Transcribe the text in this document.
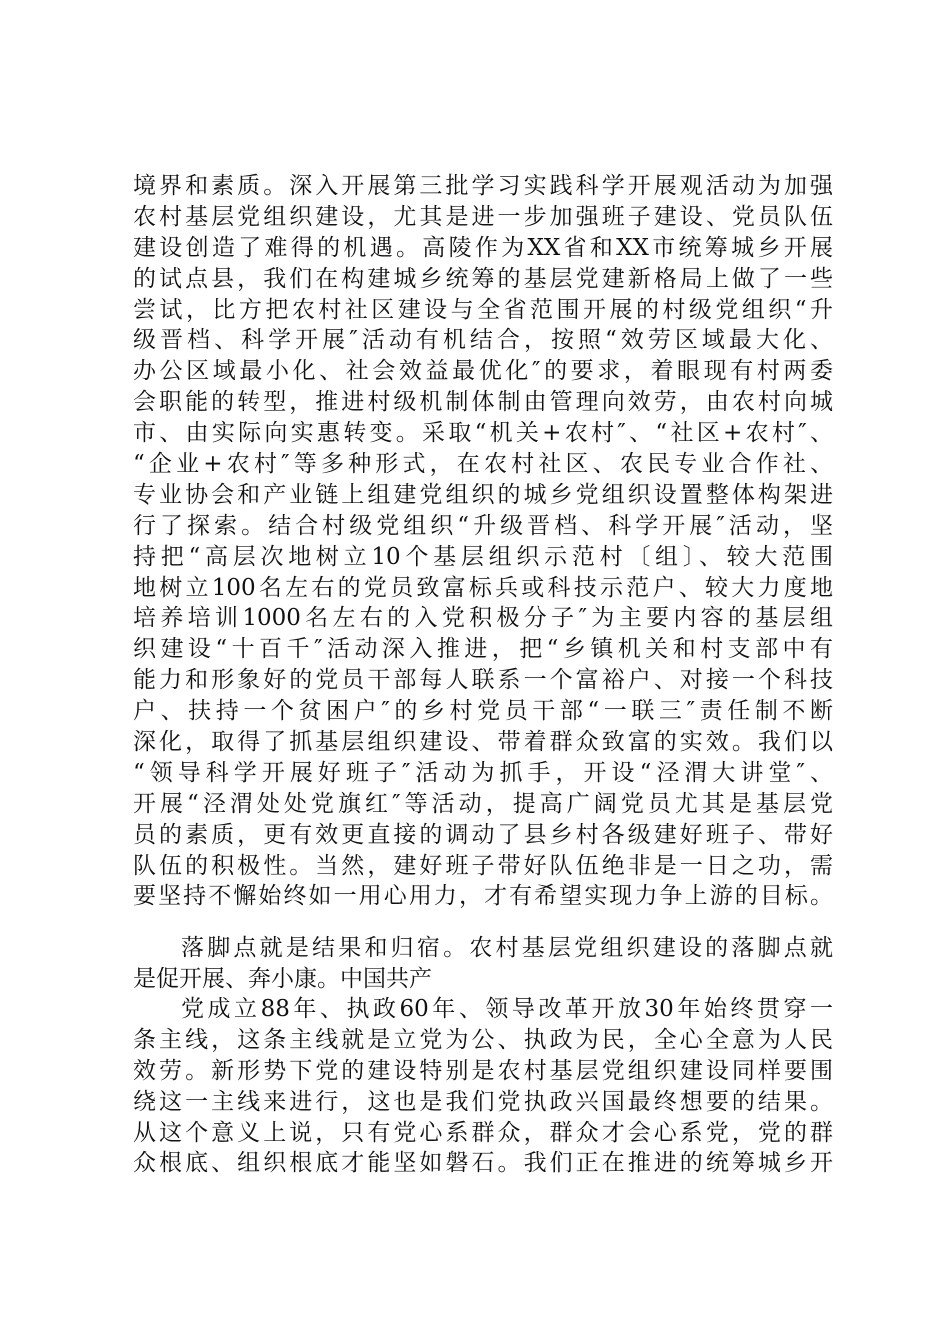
境界和素质。深入开展第三批学习实践科学开展观活动为加强
农村基层党组织建设，尤其是进一步加强班子建设、党员队伍
建设创造了难得的机遇。高陵作为XX省和XX市统筹城乡开展
的试点县，我们在构建城乡统筹的基层党建新格局上做了一些
尝试，比方把农村社区建设与全省范围开展的村级党组织“升
级晋档、科学开展″活动有机结合，按照“效劳区域最大化、
办公区域最小化、社会效益最优化″的要求，着眼现有村两委
会职能的转型，推进村级机制体制由管理向效劳，由农村向城
市、由实际向实惠转变。采取“机关+农村″、“社区+农村″、
“企业+农村″等多种形式，在农村社区、农民专业合作社、
专业协会和产业链上组建党组织的城乡党组织设置整体构架进
行了探索。结合村级党组织“升级晋档、科学开展″活动，坚
持把“高层次地树立10个基层组织示范村〔组〕、较大范围
地树立100名左右的党员致富标兵或科技示范户、较大力度地
培养培训1000名左右的入党积极分子″为主要内容的基层组
织建设“十百千″活动深入推进，把“乡镇机关和村支部中有
能力和形象好的党员干部每人联系一个富裕户、对接一个科技
户、扶持一个贫困户″的乡村党员干部“一联三″责任制不断
深化，取得了抓基层组织建设、带着群众致富的实效。我们以
“领导科学开展好班子″活动为抓手，开设“泾渭大讲堂″、
开展“泾渭处处党旗红″等活动，提高广阔党员尤其是基层党
员的素质，更有效更直接的调动了县乡村各级建好班子、带好
队伍的积极性。当然，建好班子带好队伍绝非是一日之功，需
要坚持不懈始终如一用心用力，才有希望实现力争上游的目标。
落脚点就是结果和归宿。农村基层党组织建设的落脚点就
是促开展、奔小康。中国共产
党成立88年、执政60年、领导改革开放30年始终贯穿一
条主线，这条主线就是立党为公、执政为民，全心全意为人民
效劳。新形势下党的建设特别是农村基层党组织建设同样要围
绕这一主线来进行，这也是我们党执政兴国最终想要的结果。
从这个意义上说，只有党心系群众，群众才会心系党，党的群
众根底、组织根底才能坚如磐石。我们正在推进的统筹城乡开
